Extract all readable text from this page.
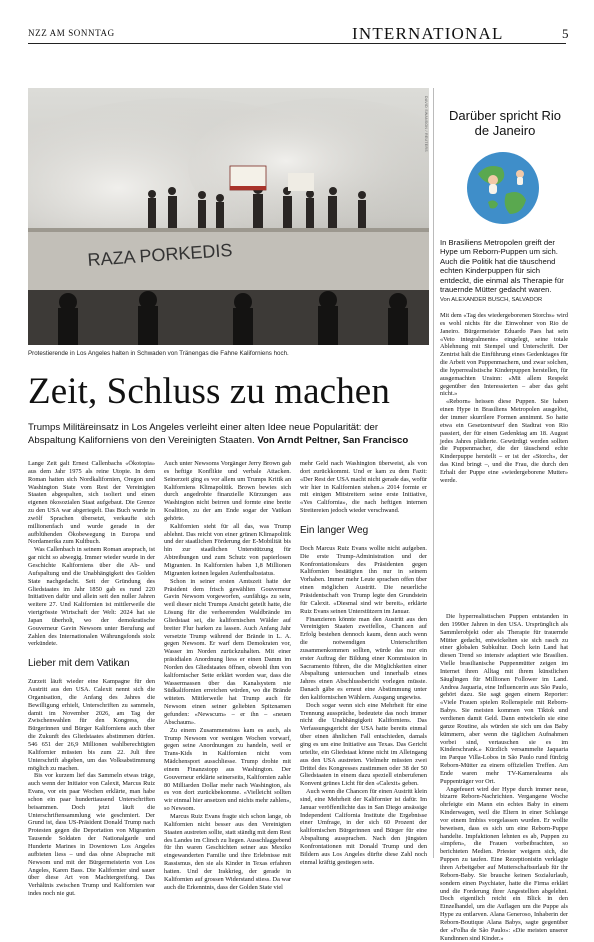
NZZ AM SONNTAG	INTERNATIONAL	5
RAZA PORKEDIS
DAVID SWANSON / REUTERS
Protestierende in Los Angeles halten in Schwaden von Tränengas die Fahne Kaliforniens hoch.
Zeit, Schluss zu machen

Trumps Militäreinsatz in Los Angeles verleiht einer alten Idee neue Popularität: der Abspaltung Kaliforniens von den Vereinigten Staaten. Von Arndt Peltner, San Francisco

Lange Zeit galt Ernest Callenbachs «Ökotopia» aus dem Jahr 1975 als reine Utopie. In dem Roman hatten sich Nordkalifornien, Oregon und Washington State vom Rest der Vereinigten Staaten abgespalten, sich isoliert und einen eigenen ökosozialen Staat aufgebaut. Die Grenze zu den USA war abgeriegelt. Das Buch wurde in zwölf Sprachen übersetzt, verkaufte sich millionenfach und wurde gerade in der aufblühenden Ökobewegung in Europa und Nordamerika zum Kultbuch.

Was Callenbach in seinem Roman ansprach, ist gar nicht so abwegig. Immer wieder wurde in der Geschichte Kaliforniens über die Ab- und Aufspaltung und die Unabhängigkeit des Golden State nachgedacht. Seit der Gründung des Gliedstaates im Jahr 1850 gab es rund 220 Initiativen dafür und allein seit den nuller Jahren weitere 27. Und Kalifornien ist mittlerweile die viertgrösste Wirtschaft der Welt: 2024 hat sie Japan überholt, wo der demokratische Gouverneur Gavin Newsom unter Berufung auf Zahlen des Internationalen Währungsfonds stolz verkündete.

Lieber mit dem Vatikan

Zurzeit läuft wieder eine Kampagne für den Austritt aus den USA. Calexit nennt sich die Organisation, die Anfang des Jahres die Bewilligung erhielt, Unterschriften zu sammeln, damit im November 2026, am Tag der Zwischenwahlen für den Kongress, die Bürgerinnen und Bürger Kaliforniens auch über die Zukunft des Gliedstaates abstimmen dürfen. 546 651 der 26,9 Millionen wahlberechtigten Kalifornier müssten bis zum 22. Juli ihre Unterschrift abgeben, um das Volksabstimmung möglich zu machen.

Bis vor kurzem lief das Sammeln etwas träge, auch wenn der Initiator von Calexit, Marcus Ruiz Evans, vor ein paar Wochen erklärte, man habe schon ein paar hunderttausend Unterschriften beisammen. Doch jetzt läuft die Unterschriftensammlung wie geschmiert. Der Grund ist, dass US-Präsident Donald Trump nach Protesten gegen die Deportation von Migranten Tausende Soldaten der Nationalgarde und Hunderte Marines in Downtown Los Angeles aufbieten liess – und das ohne Absprache mit Newsom und mit der Bürgermeisterin von Los Angeles, Karen Bass. Die Kalifornier sind sauer über diese Art von Machtergreifung. Das Verhältnis zwischen Trump und Kalifornien war indes noch nie gut.

Auch unter Newsoms Vorgänger Jerry Brown gab es heftige Konflikte und verbale Attacken. Seinerzeit ging es vor allem um Trumps Kritik an Kaliforniens Klimapolitik. Brown bewies sich durch angedrohte finanzielle Kürzungen aus Washington nicht beirren und formte eine breite Koalition, zu der am Ende sogar der Vatikan gehörte.

Kalifornien steht für all das, was Trump ablehnt. Das reicht von einer grünen Klimapolitik und der staatlichen Förderung der E-Mobilität bis hin zur staatlichen Unterstützung für Abtreibungen und zum Schutz von papierlosen Migranten. In Kalifornien haben 1,8 Millionen Migranten keinen legalen Aufenthaltsstatus.

Schon in seiner ersten Amtszeit hatte der Präsident dem frisch gewählten Gouverneur Gavin Newsom vorgeworfen, «unfähig» zu sein, weil dieser nicht Trumps Ansicht geteilt hatte, die Lösung für die verheerenden Waldbrände im Gliedstaat sei, die kalifornischen Wälder auf breiter Flur harken zu lassen. Auch Anfang Jahr versetzte Trump während der Brände in L. A. gegen Newsom. Er warf dem Demokraten vor, Wasser im Norden zurückzuhalten. Mit einer präsidialen Anordnung liess er einen Damm im Norden des Gliedstaates öffnen, obwohl ihm von kalifornischer Seite erklärt worden war, dass die Wassermassen über das Kanalsystem nie Südkalifornien erreichen würden, wo die Brände wüteten. Mittlerweile hat Trump auch für Newsom einen seiner geliebten Spitznamen gefunden: «Newscum» – er ihn – «neuen Abschaum».

Zu einem Zusammenstoss kam es auch, als Trump Newsom vor wenigen Wochen vorwarf, gegen seine Anordnungen zu handeln, weil er Trans-Kids in Kalifornien nicht vom Mädchensport ausschliesse. Trump drohte mit einem Finanzstopp aus Washington. Der Gouverneur erklärte seinerseits, Kalifornien zahle 80 Milliarden Dollar mehr nach Washington, als es von dort zurückbekomme. «Vielleicht sollten wir einmal hier ansetzen und nichts mehr zahlen», so Newsom.

Marcus Ruiz Evans fragte sich schon lange, ob Kalifornien nicht besser aus den Vereinigten Staaten austreten sollte, statt ständig mit dem Rest des Landes im Clinch zu liegen. Ausschlaggebend für ihn waren Geschichten seiner aus Mexiko eingewanderten Familie und ihre Erlebnisse mit Rassismus, den sie als Kinder in Texas erfahren hatten. Und der Irakkrieg, der gerade in Kalifornien auf grossen Widerstand stiess. Da war auch die Erkenntnis, dass der Golden State viel

mehr Geld nach Washington überweist, als von dort zurückkommt. Und er kam zu dem Fazit: «Der Rest der USA macht nicht gerade das, wofür wir hier in Kalifornien stehen.» 2014 formte er mit einigen Mitstreitern seine erste Initiative, «Yes California», die nach heftigen internen Streitereien jedoch wieder verschwand.

Ein langer Weg

Doch Marcus Ruiz Evans wollte nicht aufgeben. Die erste Trump-Administration und der Konfrontationskurs des Präsidenten gegen Kalifornien bestätigten ihn nur in seinem Vorhaben. Immer mehr Leute sprachen offen über einen möglichen Austritt. Die neuerliche Präsidentschaft von Trump legte den Grundstein für Calexit. «Diesmal sind wir bereit», erklärte Ruiz Evans seinen Unterstützern im Januar.

Finanzieren könnte man den Austritt aus den Vereinigten Staaten zweifellos, Chancen auf Erfolg bestehen dennoch kaum, denn auch wenn die notwendigen Unterschriften zusammenkommen sollten, würde das nur ein erster Auftrag der Bildung einer Kommission in Sacramento führen, die die Möglichkeiten einer Abspaltung untersuchen und innerhalb eines Jahres einen Abschlussbericht vorlegen müsste. Danach gäbe es erneut eine Abstimmung unter den kalifornischen Wählern. Ausgang ungewiss.

Doch sogar wenn sich eine Mehrheit für eine Trennung ausspräche, bedeutete das noch immer nicht die Unabhängigkeit Kaliforniens. Das Verfassungsgericht der USA hatte bereits einmal über einen ähnlichen Fall entschieden, damals ging es um eine Initiative aus Texas. Das Gericht urteilte, ein Gliedstaat könne nicht im Alleingang aus den USA austreten. Vielmehr müssten zwei Drittel des Kongresses zustimmen oder 38 der 50 Gliedstaaten in einem dazu speziell einberufenen Konvent grünes Licht für den «Calexit» geben.

Auch wenn die Chancen für einen Austritt klein sind, eine Mehrheit der Kalifornier ist dafür. Im Januar veröffentlichte das in San Diego ansässige Independent California Institute die Ergebnisse einer Umfrage, in der sich 60 Prozent der kalifornischen Bürgerinnen und Bürger für eine Abspaltung aussprachen. Nach den jüngsten Konfrontationen mit Donald Trump und den Bildern aus Los Angeles dürfte diese Zahl noch einmal kräftig gestiegen sein.

Darüber spricht Rio de Janeiro

In Brasiliens Metropolen greift der Hype um Reborn-Puppen um sich. Auch die Politik hat die täuschend echten Kinderpuppen für sich entdeckt, die einmal als Therapie für trauernde Mütter gedacht waren.

Von ALEXANDER BUSCH, SALVADOR

Mit dem «Tag des wiedergeborenen Storchs» wird es wohl nichts für die Einwohner von Rio de Janeiro. Bürgermeister Eduardo Paes hat sein «Veto integralmente» eingelegt, seine totale Ablehnung mit Stempel und Unterschrift. Der Zentrist hält die Einführung eines Gedenktages für die Arbeit von Puppenmachern, und zwar solchen, die hyperrealistische Kinderpuppen herstellen, für ausgemachten Unsinn: «Mit allem Respekt gegenüber den Interessierten – aber das geht nicht.»

«Reborn» heissen diese Puppen. Sie haben einen Hype in Brasiliens Metropolen ausgelöst, der immer skurrilere Formen annimmt. So hatte etwa ein Gesetzentwurf den Stadtrat von Rio passiert, der für einen Gedenktag am 18. August jedes Jahres plädierte. Gewürdigt werden sollten die Puppenmacher, die der täuschend echte Kinderpuppe herstellt – er ist der «Storch», der das Kind bringt –, und die Frau, die durch den Erhalt der Puppe eine «wiedergeborene Mutter» werde.

Die hyperrealistischen Puppen entstanden in den 1990er Jahren in den USA. Ursprünglich als Sammlerobjekt oder als Therapie für trauernde Mütter gedacht, entwickelten sie sich rasch zu einer globalen Subkultur. Doch kein Land hat diesen Trend so intensiv adaptiert wie Brasilien. Vielle brasilianische Puppenmütter zeigen im Internet ihren Alltag mit ihrem künstlichen Säuglingen für Millionen Follower im Land. Andrea Jaquaria, eine Influencerin aus São Paulo, gehört dazu. Sie sagt gegen einem Reporter: «Viele Frauen spielen Rollenspiele mit Reborn-Babys. Sie meisten kommen von Tiktok und verdienen damit Geld. Dann entwickeln sie eine ganze Routine, als würden sie sich um das Baby kümmern, aber wenn die täglichen Aufnahmen vorbei sind, vertauschen sie es im Kinderschrank.» Kürzlich versammelte Jaquaria im Parque Villa-Lobos in São Paulo rund fünfzig Reborn-Mütter zu einem offiziellen Treffen. Am Ende waren mehr TV-Kameraleams als Puppenträger vor Ort.

Angefeuert wird der Hype durch immer neue, bizarre Reborn-Nachrichten. Vergangene Woche ohrfeigte ein Mann ein echtes Baby in einem Kinderwagen, weil die Eltern in einer Schlange vor einem Imbiss vorgelassen wurden. Er wollte beweisen, dass es sich um eine Reborn-Puppe handelte. Impfaktionen lehnten es ab, Puppen zu «impfen», die Frauen vorbeibrachten, so berichteten Medien. Priester weigern sich, die Puppen zu taufen. Eine Rezeptionistin verklagte ihren Arbeitgeber auf Mutterschaftsurlaub für ihr Reborn-Baby. Sie brauche keinen Sozialurlaub, sondern einen Psychiater, hatte die Firma erklärt und die Forderung ihrer Angestellten abgelehnt. Doch eigentlich reicht ein Blick in den Einzelhandel, um die Auflagen um die Puppe als Hype zu entlarven. Alana Generoso, Inhaberin der Reborn-Boutique Alana Babys, sagte gegenüber der «Folha de São Paulo»: «Die meisten unserer Kundinnen sind Kinder.»
